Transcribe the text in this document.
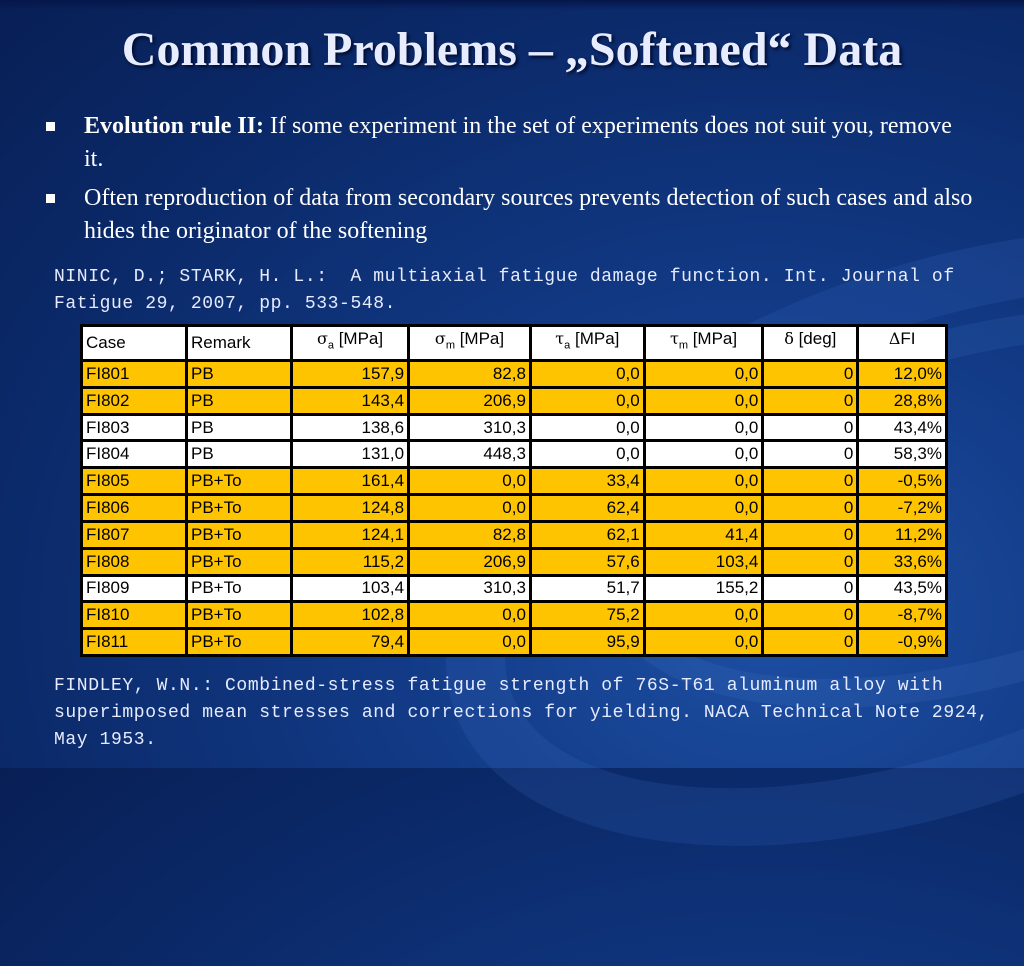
Common Problems – „Softened“ Data
Evolution rule II: If some experiment in the set of experiments does not suit you, remove it.
Often reproduction of data from secondary sources prevents detection of such cases and also hides the originator of the softening
NINIC, D.; STARK, H. L.:  A multiaxial fatigue damage function. Int. Journal of Fatigue 29, 2007, pp. 533-548.
Case	Remark	$\sigma_a$ [MPa]	$\sigma_m$ [MPa]	$\tau_a$ [MPa]	$\tau_m$ [MPa]	δ [deg]	ΔFI
FI801	PB	157,9	82,8	0,0	0,0	0	12,0%
FI802	PB	143,4	206,9	0,0	0,0	0	28,8%
FI803	PB	138,6	310,3	0,0	0,0	0	43,4%
FI804	PB	131,0	448,3	0,0	0,0	0	58,3%
FI805	PB+To	161,4	0,0	33,4	0,0	0	-0,5%
FI806	PB+To	124,8	0,0	62,4	0,0	0	-7,2%
FI807	PB+To	124,1	82,8	62,1	41,4	0	11,2%
FI808	PB+To	115,2	206,9	57,6	103,4	0	33,6%
FI809	PB+To	103,4	310,3	51,7	155,2	0	43,5%
FI810	PB+To	102,8	0,0	75,2	0,0	0	-8,7%
FI811	PB+To	79,4	0,0	95,9	0,0	0	-0,9%
FINDLEY, W.N.: Combined-stress fatigue strength of 76S-T61 aluminum alloy with superimposed mean stresses and corrections for yielding. NACA Technical Note 2924, May 1953.
